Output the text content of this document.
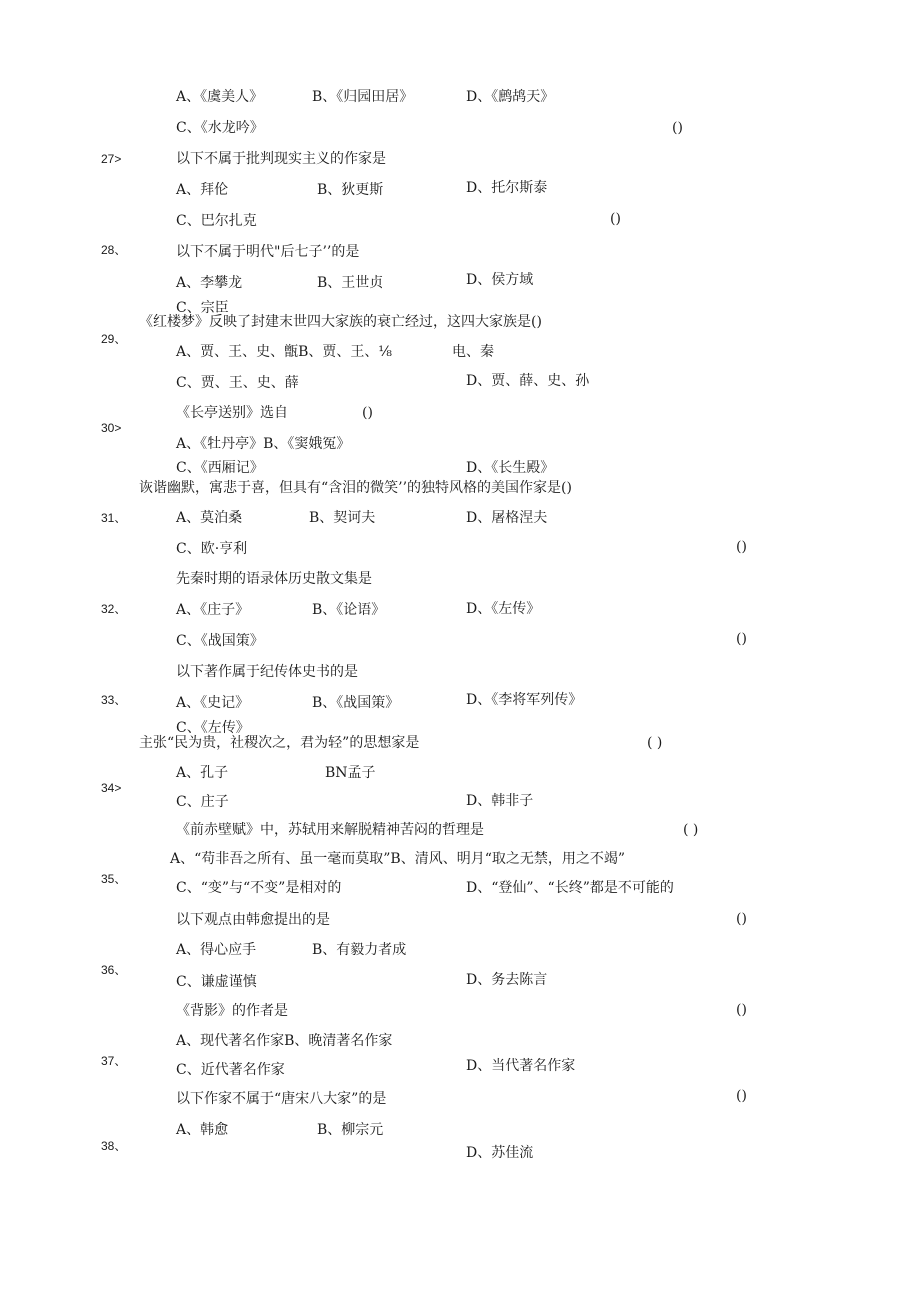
A、《虞美人》	B、《归园田居》	D、《鹧鸪天》
C、《水龙吟》	()
27>	以下不属于批判现实主义的作家是
A、拜伦	B、狄更斯	D、托尔斯泰
C、巴尔扎克	()
28、	以下不属于明代"后七子’’的是
A、李攀龙	B、王世贞	D、侯方域
C、宗臣
《红楼梦》反映了封建末世四大家族的衰亡经过，这四大家族是()
29、
A、贾、王、史、甑B、贾、王、⅛	电、秦
C、贾、王、史、薛	D、贾、薛、史、孙
《长亭送别》选自	()
30>
A、《牡丹亭》B、《窦娥冤》
C、《西厢记》	D、《长生殿》
诙谐幽默，寓悲于喜，但具有“含泪的微笑’’的独特风格的美国作家是()
31、	A、莫泊桑	B、契诃夫	D、屠格涅夫
C、欧·亨利	()
先秦时期的语录体历史散文集是
32、	A、《庄子》	B、《论语》	D、《左传》
C、《战国策》	()
以下著作属于纪传体史书的是
33、	A、《史记》	B、《战国策》	D、《李将军列传》
C、《左传》
主张“民为贵，社稷次之，君为轻”的思想家是	( )
A、孔子	BN孟子
34>
C、庄子	D、韩非子
《前赤壁赋》中，苏轼用来解脱精神苦闷的哲理是	( )
A、“苟非吾之所有、虽一毫而莫取”B、清风、明月“取之无禁，用之不竭”
35、
C、“变”与“不变”是相对的	D、“登仙”、“长终”都是不可能的
以下观点由韩愈提出的是	()
A、得心应手	B、有毅力者成
36、
C、谦虚谨慎	D、务去陈言
《背影》的作者是	()
A、现代著名作家B、晚清著名作家
37、
C、近代著名作家	D、当代著名作家
以下作家不属于“唐宋八大家”的是	()
A、韩愈	B、柳宗元
38、	D、苏佳流
